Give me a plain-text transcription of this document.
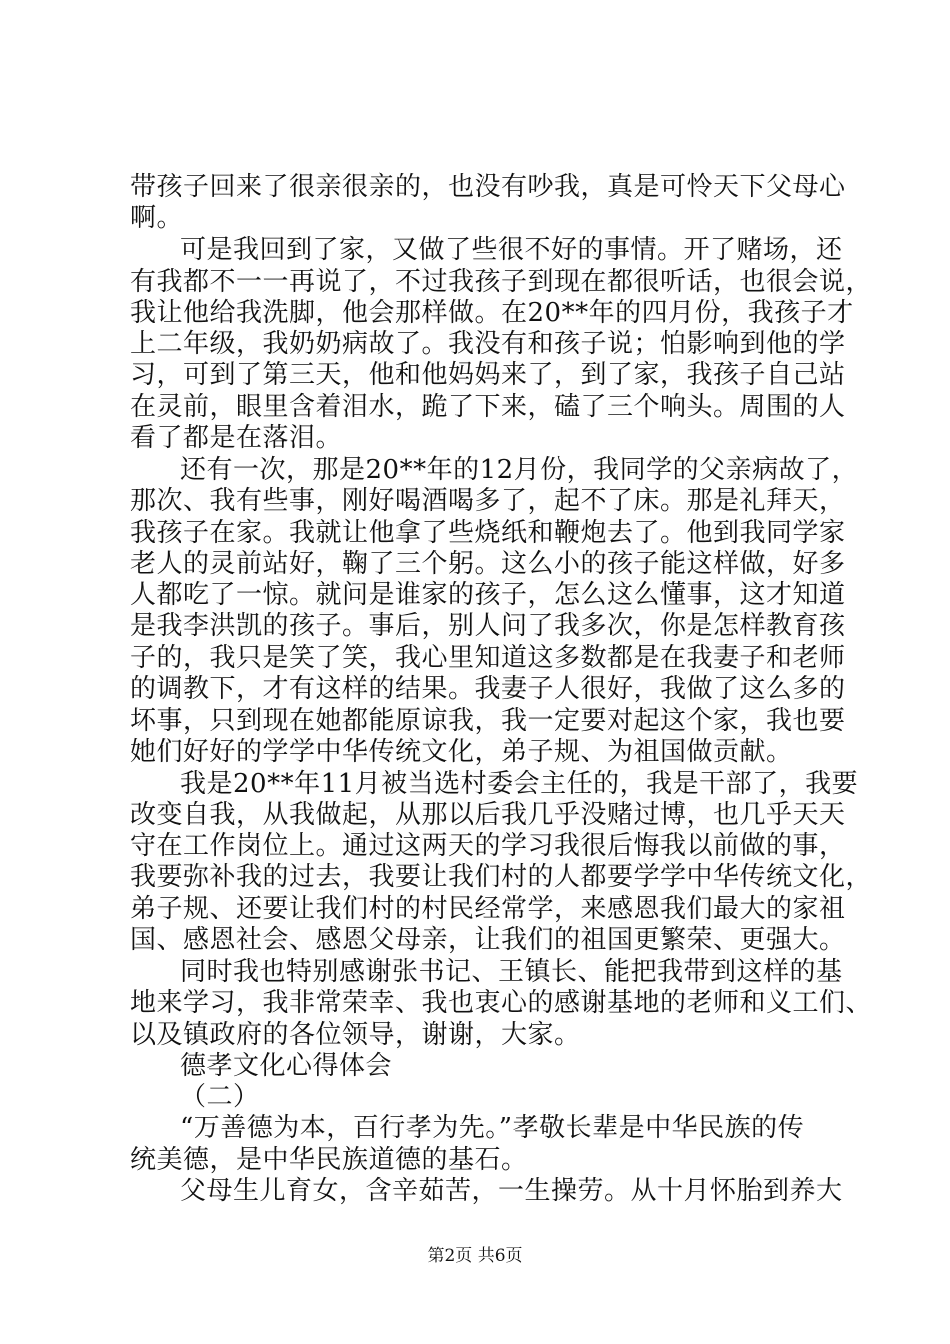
带孩子回来了很亲很亲的，也没有吵我，真是可怜天下父母心
啊。
可是我回到了家，又做了些很不好的事情。开了赌场，还
有我都不一一再说了，不过我孩子到现在都很听话，也很会说，
我让他给我洗脚，他会那样做。在20**年的四月份，我孩子才
上二年级，我奶奶病故了。我没有和孩子说；怕影响到他的学
习，可到了第三天，他和他妈妈来了，到了家，我孩子自己站
在灵前，眼里含着泪水，跪了下来，磕了三个响头。周围的人
看了都是在落泪。
还有一次，那是20**年的12月份，我同学的父亲病故了，
那次、我有些事，刚好喝酒喝多了，起不了床。那是礼拜天，
我孩子在家。我就让他拿了些烧纸和鞭炮去了。他到我同学家
老人的灵前站好，鞠了三个躬。这么小的孩子能这样做，好多
人都吃了一惊。就问是谁家的孩子，怎么这么懂事，这才知道
是我李洪凯的孩子。事后，别人问了我多次，你是怎样教育孩
子的，我只是笑了笑，我心里知道这多数都是在我妻子和老师
的调教下，才有这样的结果。我妻子人很好，我做了这么多的
坏事，只到现在她都能原谅我，我一定要对起这个家，我也要
她们好好的学学中华传统文化，弟子规、为祖国做贡献。
我是20**年11月被当选村委会主任的，我是干部了，我要
改变自我，从我做起，从那以后我几乎没赌过博，也几乎天天
守在工作岗位上。通过这两天的学习我很后悔我以前做的事，
我要弥补我的过去，我要让我们村的人都要学学中华传统文化，
弟子规、还要让我们村的村民经常学，来感恩我们最大的家祖
国、感恩社会、感恩父母亲，让我们的祖国更繁荣、更强大。
同时我也特别感谢张书记、王镇长、能把我带到这样的基
地来学习，我非常荣幸、我也衷心的感谢基地的老师和义工们、
以及镇政府的各位领导，谢谢，大家。
德孝文化心得体会
（二）
“万善德为本，百行孝为先。”孝敬长辈是中华民族的传
统美德，是中华民族道德的基石。
父母生儿育女，含辛茹苦，一生操劳。从十月怀胎到养大
第2页 共6页
